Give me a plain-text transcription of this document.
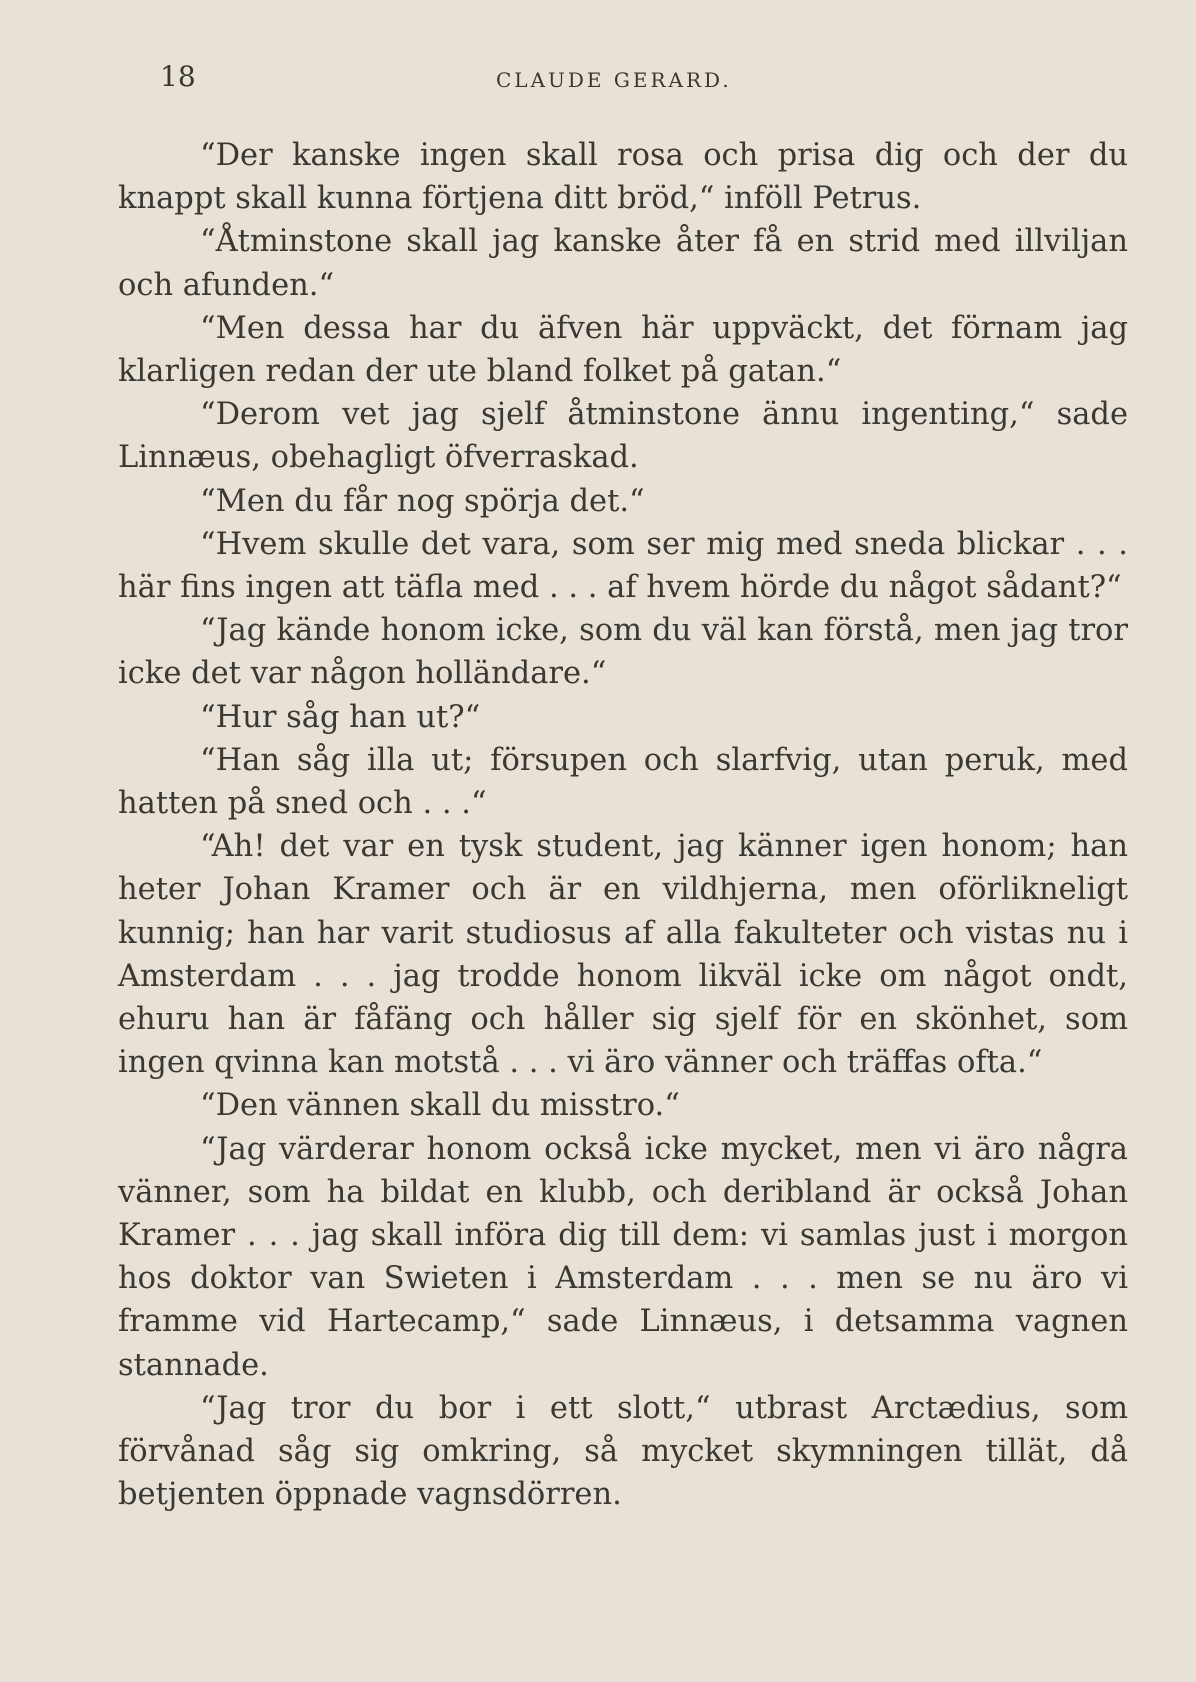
18	CLAUDE GERARD.

“Der kanske ingen skall rosa och prisa dig och der du knappt skall kunna förtjena ditt bröd,“ inföll Petrus.

“Åtminstone skall jag kanske åter få en strid med illviljan och afunden.“

“Men dessa har du äfven här uppväckt, det förnam jag klarligen redan der ute bland folket på gatan.“

“Derom vet jag sjelf åtminstone ännu ingenting,“ sade Linnæus, obehagligt öfverraskad.

“Men du får nog spörja det.“

“Hvem skulle det vara, som ser mig med sneda blickar . . . här fins ingen att täfla med . . . af hvem hörde du något sådant?“

“Jag kände honom icke, som du väl kan förstå, men jag tror icke det var någon holländare.“

“Hur såg han ut?“

“Han såg illa ut; försupen och slarfvig, utan peruk, med hatten på sned och . . .“

“Ah! det var en tysk student, jag känner igen honom; han heter Johan Kramer och är en vildhjerna, men oförlikneligt kunnig; han har varit studiosus af alla fakulteter och vistas nu i Amsterdam . . . jag trodde honom likväl icke om något ondt, ehuru han är fåfäng och håller sig sjelf för en skönhet, som ingen qvinna kan motstå . . . vi äro vänner och träffas ofta.“

“Den vännen skall du misstro.“

“Jag värderar honom också icke mycket, men vi äro några vänner, som ha bildat en klubb, och deribland är också Johan Kramer . . . jag skall införa dig till dem: vi samlas just i morgon hos doktor van Swieten i Amsterdam . . . men se nu äro vi framme vid Hartecamp,“ sade Linnæus, i detsamma vagnen stannade.

“Jag tror du bor i ett slott,“ utbrast Arctædius, som förvånad såg sig omkring, så mycket skymningen tillät, då betjenten öppnade vagnsdörren.
